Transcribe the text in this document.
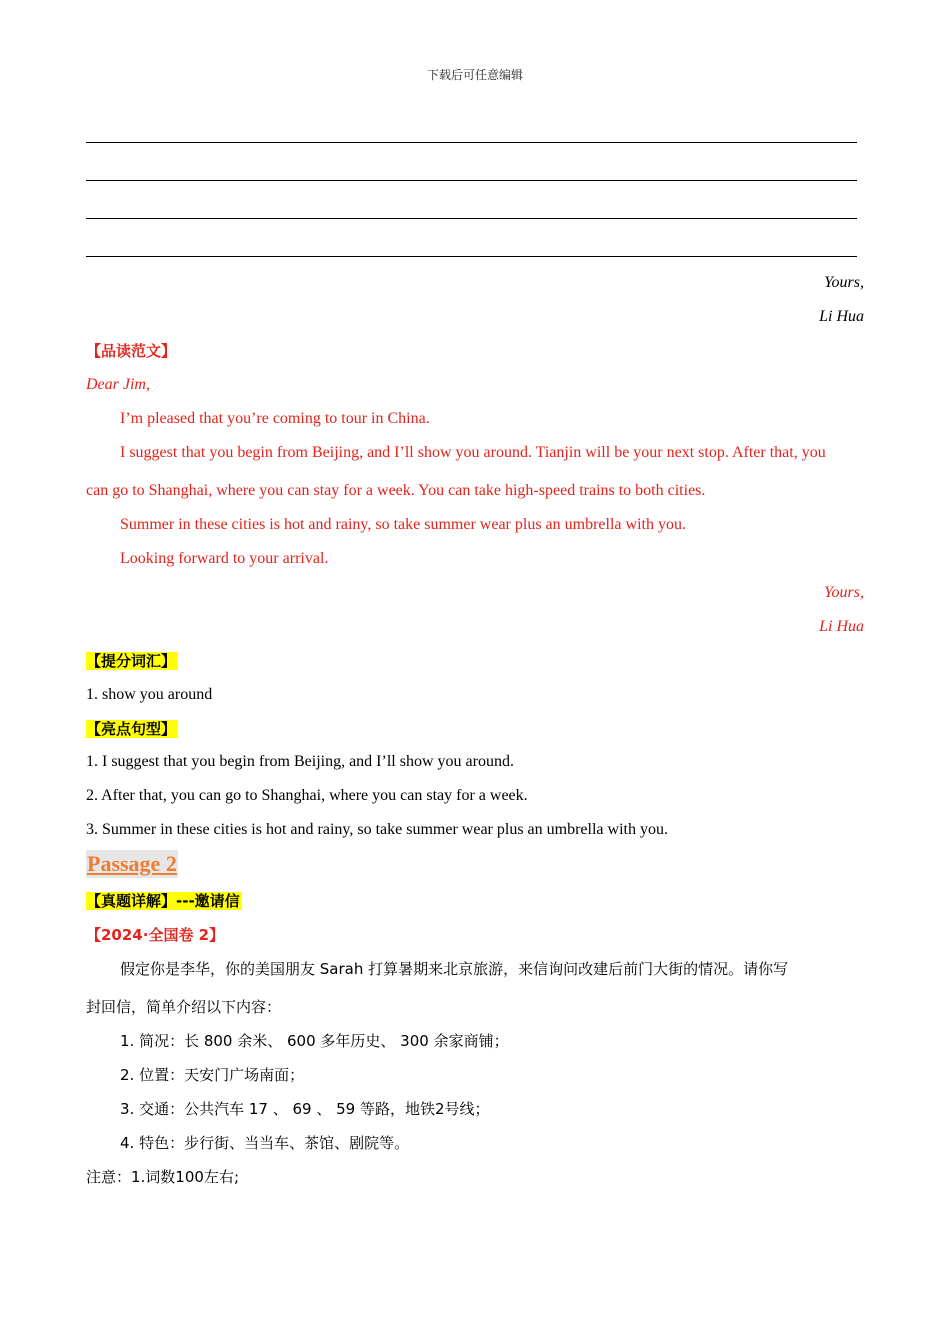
下载后可任意编辑
Yours,
Li Hua
【品读范文】
Dear Jim,
I’m pleased that you’re coming to tour in China.
I suggest that you begin from Beijing, and I’ll show you around. Tianjin will be your next stop. After that, you
can go to Shanghai, where you can stay for a week. You can take high-speed trains to both cities.
Summer in these cities is hot and rainy, so take summer wear plus an umbrella with you.
Looking forward to your arrival.
Yours,
Li Hua
【提分词汇】
1. show you around
【亮点句型】
1. I suggest that you begin from Beijing, and I’ll show you around.
2. After that, you can go to Shanghai, where you can stay for a week.
3. Summer in these cities is hot and rainy, so take summer wear plus an umbrella with you.
Passage 2
【真题详解】---邀请信
【2024·全国卷 2】
假定你是李华，你的美国朋友 Sarah 打算暑期来北京旅游，来信询问改建后前门大街的情况。请你写
封回信，简单介绍以下内容：
1. 简况：长 800 余米、 600 多年历史、 300 余家商铺；
2. 位置：天安门广场南面；
3. 交通：公共汽车 17 、 69 、 59 等路，地铁2号线；
4. 特色：步行街、当当车、茶馆、剧院等。
注意：1.词数100左右;
